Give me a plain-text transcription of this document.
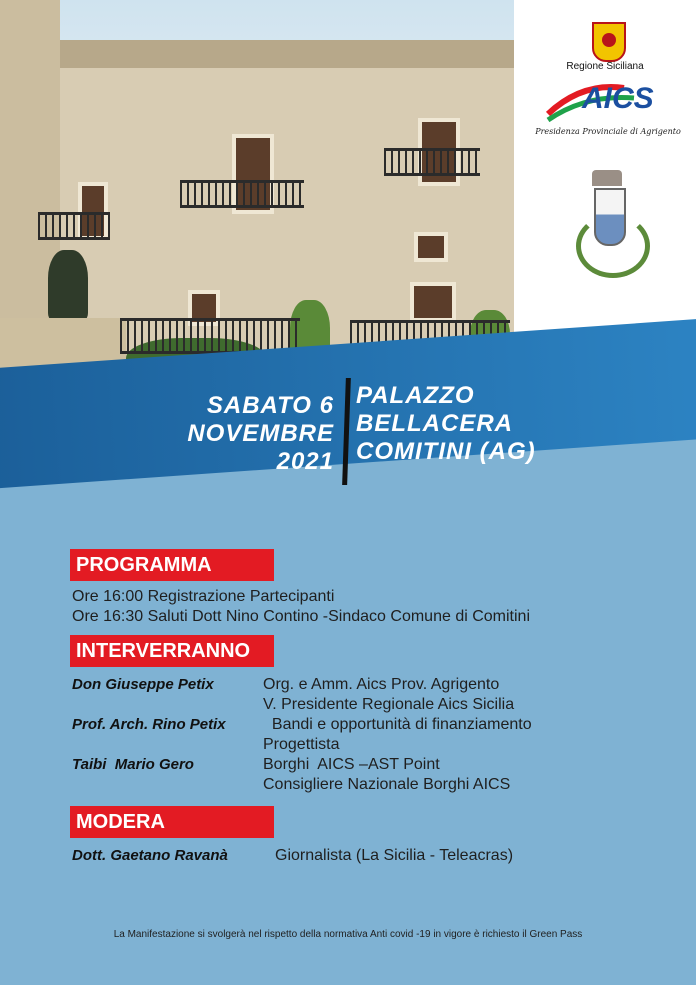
Regione Siciliana
AICS
Presidenza Provinciale di Agrigento
SABATO 6
NOVEMBRE
2021
PALAZZO
BELLACERA
COMITINI (AG)
PROGRAMMA
Ore 16:00 Registrazione Partecipanti
Ore 16:30 Saluti Dott Nino Contino -Sindaco Comune di Comitini
INTERVERRANNO
Don Giuseppe Petix	Org. e Amm. Aics Prov. Agrigento
V. Presidente Regionale Aics Sicilia
Prof. Arch. Rino Petix Bandi e opportunità di finanziamento
Progettista
Taibi  Mario Gero	Borghi  AICS –AST Point
Consigliere Nazionale Borghi AICS
MODERA
Dott. Gaetano Ravanà	Giornalista (La Sicilia - Teleacras)
La Manifestazione si svolgerà nel rispetto della normativa Anti covid -19 in vigore è richiesto il Green Pass
